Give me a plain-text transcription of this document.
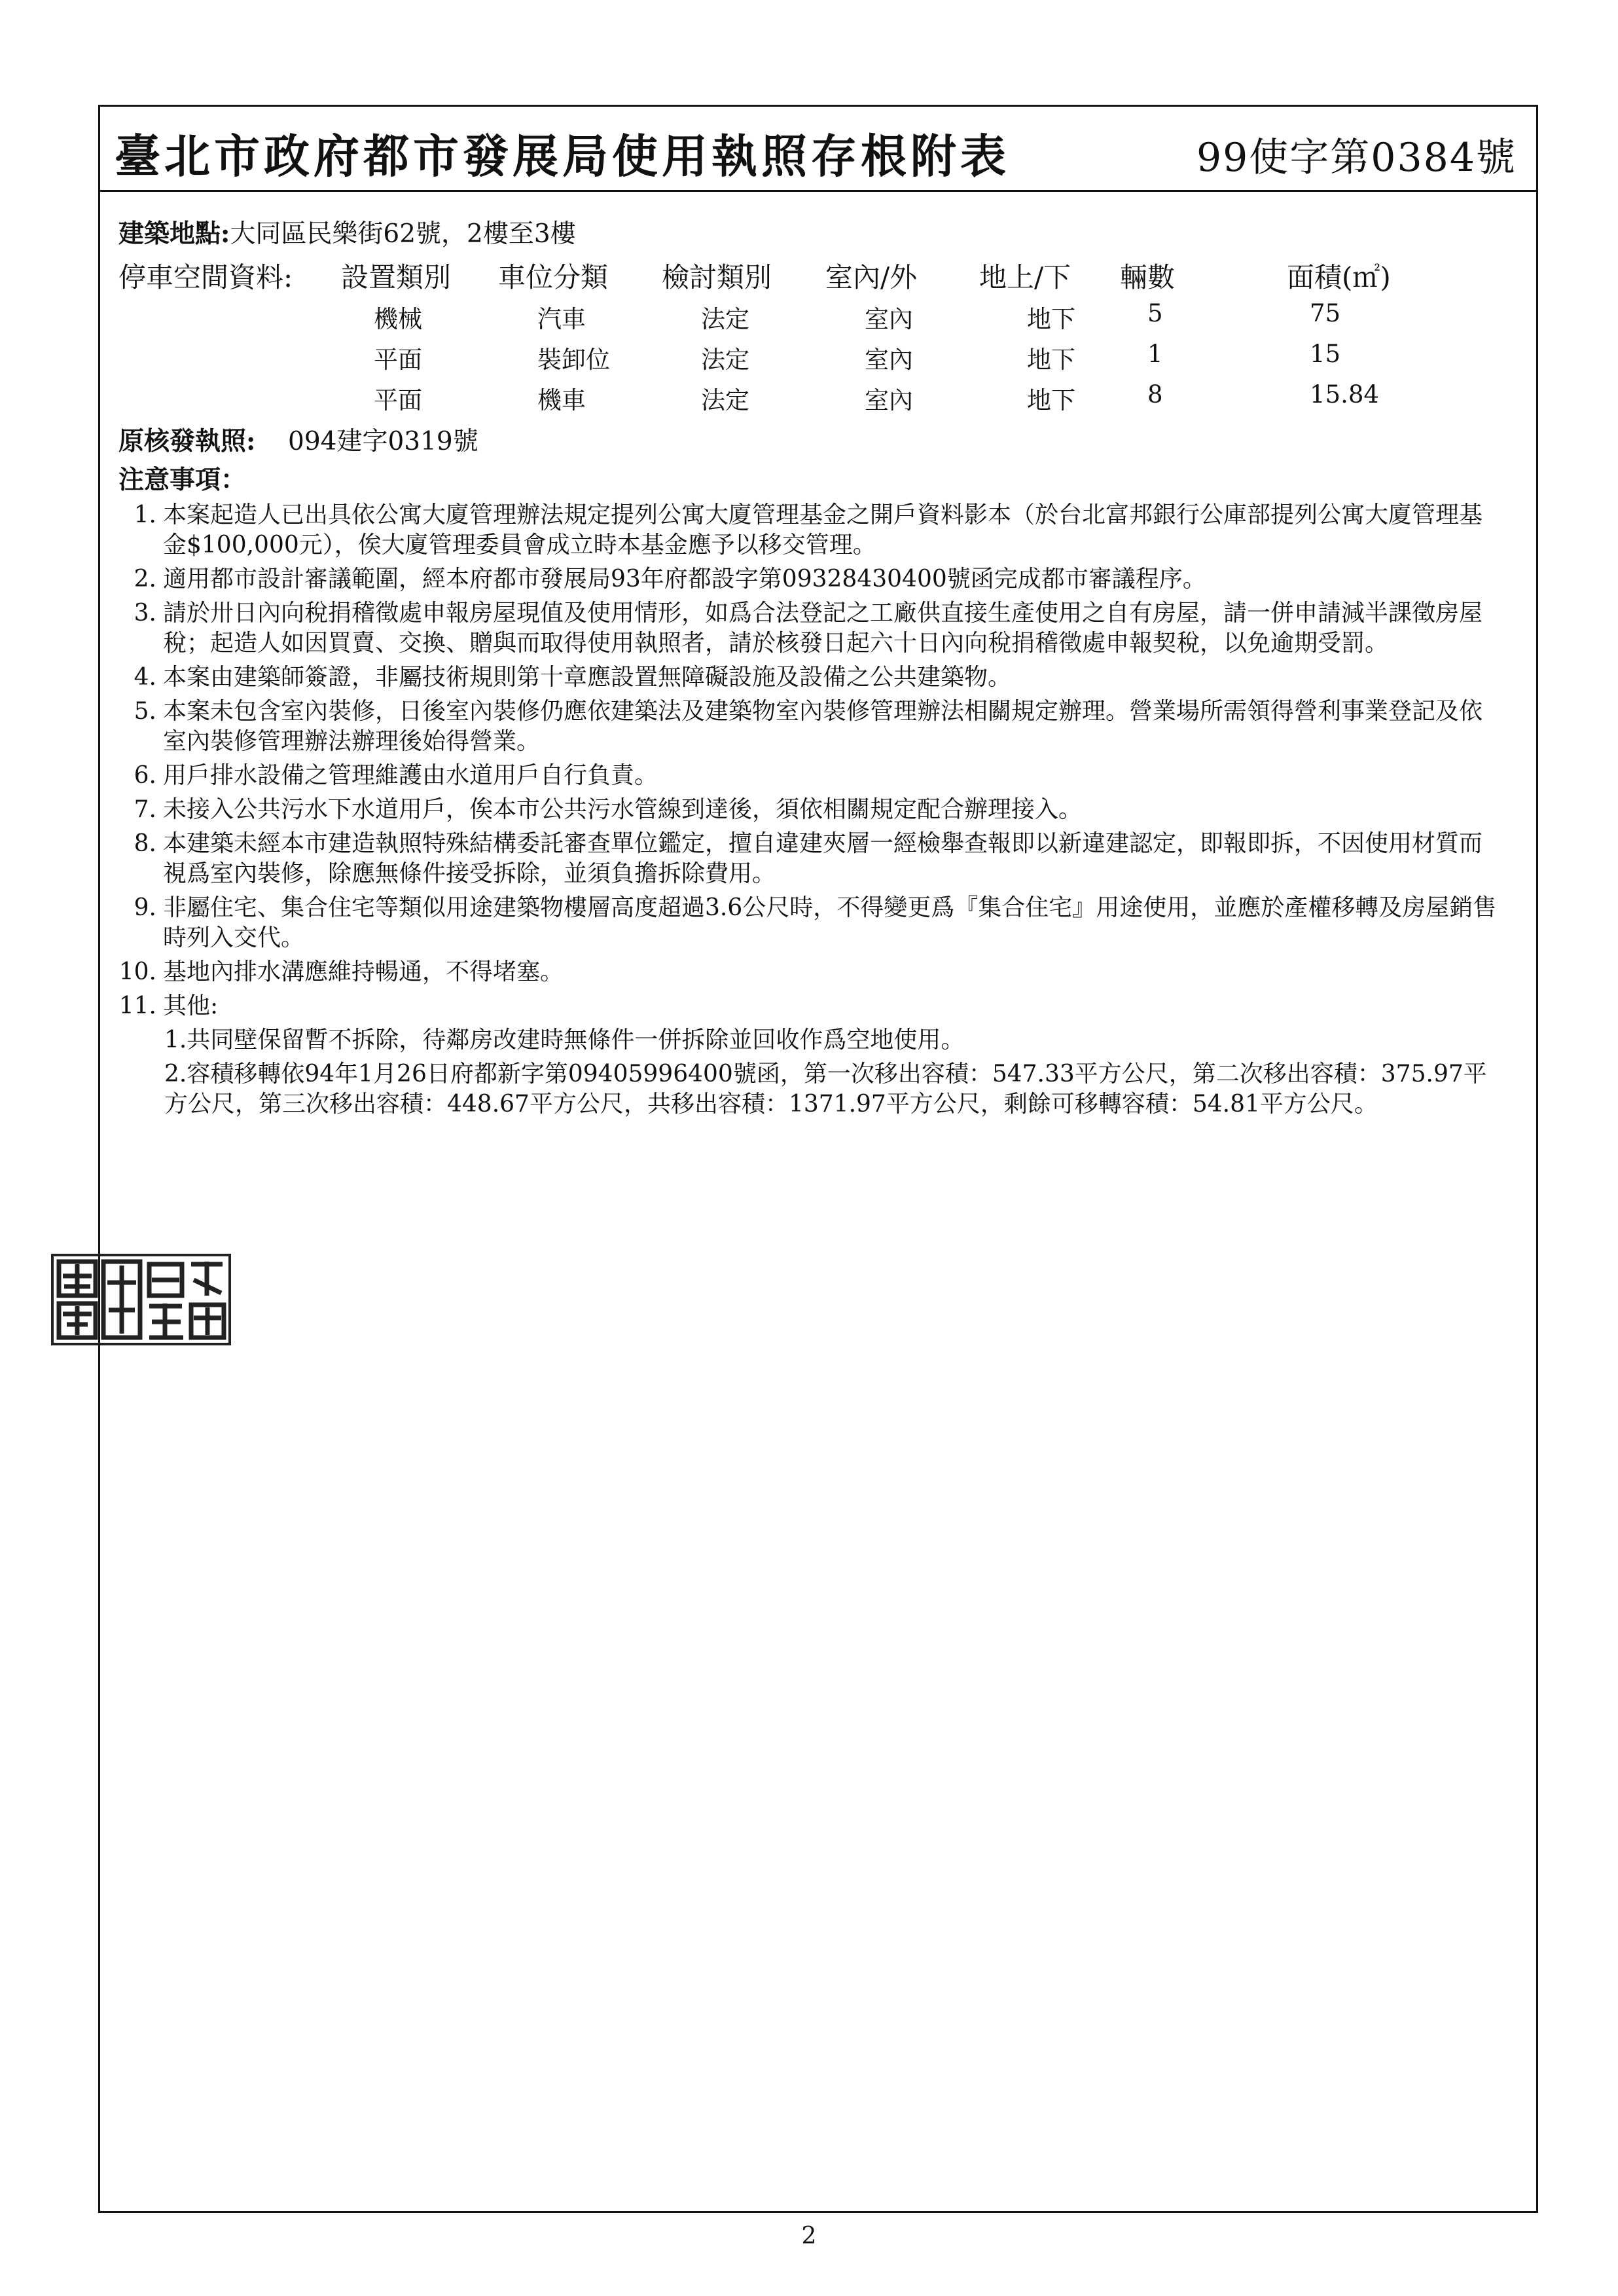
臺北市政府都市發展局使用執照存根附表	99使字第0384號
建築地點:大同區民樂街62號，2樓至3樓
停車空間資料: 設置類別 車位分類 檢討類別 室內/外 地上/下 輛數	面積(㎡)
機械	汽車	法定	室內	地下	5	75
平面	裝卸位	法定	室內	地下	1	15
平面	機車	法定	室內	地下	8	15.84
原核發執照: 094建字0319號
注意事項：
1. 本案起造人已出具依公寓大廈管理辦法規定提列公寓大廈管理基金之開戶資料影本（於台北富邦銀行公庫部提列公寓大廈管理基金$100,000元），俟大廈管理委員會成立時本基金應予以移交管理。
2. 適用都市設計審議範圍，經本府都市發展局93年府都設字第09328430400號函完成都市審議程序。
3. 請於卅日內向稅捐稽徵處申報房屋現值及使用情形，如爲合法登記之工廠供直接生產使用之自有房屋，請一併申請減半課徵房屋稅；起造人如因買賣、交換、贈與而取得使用執照者，請於核發日起六十日內向稅捐稽徵處申報契稅，以免逾期受罰。
4. 本案由建築師簽證，非屬技術規則第十章應設置無障礙設施及設備之公共建築物。
5. 本案未包含室內裝修，日後室內裝修仍應依建築法及建築物室內裝修管理辦法相關規定辦理。營業場所需領得營利事業登記及依室內裝修管理辦法辦理後始得營業。
6. 用戶排水設備之管理維護由水道用戶自行負責。
7. 未接入公共污水下水道用戶，俟本市公共污水管線到達後，須依相關規定配合辦理接入。
8. 本建築未經本市建造執照特殊結構委託審查單位鑑定，擅自違建夾層一經檢舉查報即以新違建認定，即報即拆，不因使用材質而視爲室內裝修，除應無條件接受拆除，並須負擔拆除費用。
9. 非屬住宅、集合住宅等類似用途建築物樓層高度超過3.6公尺時，不得變更爲『集合住宅』用途使用，並應於產權移轉及房屋銷售時列入交代。
10. 基地內排水溝應維持暢通，不得堵塞。
11. 其他:
1.共同壁保留暫不拆除，待鄰房改建時無條件一併拆除並回收作爲空地使用。
2.容積移轉依94年1月26日府都新字第09405996400號函，第一次移出容積：547.33平方公尺，第二次移出容積：375.97平方公尺，第三次移出容積：448.67平方公尺，共移出容積：1371.97平方公尺，剩餘可移轉容積：54.81平方公尺。
2
